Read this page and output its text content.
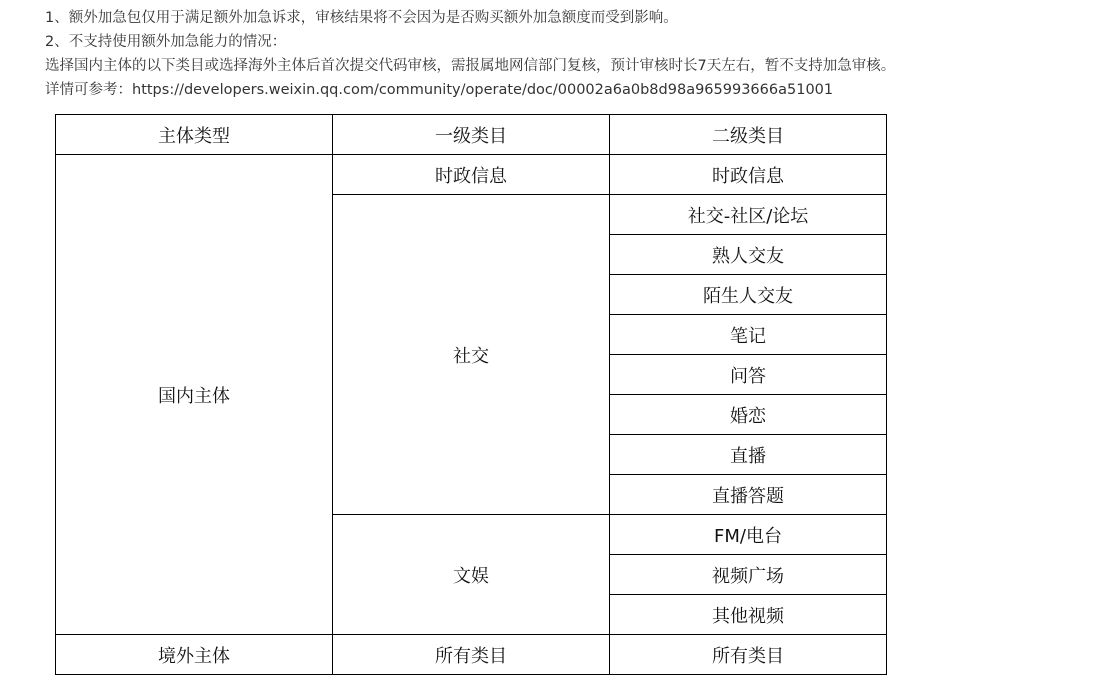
1、额外加急包仅用于满足额外加急诉求，审核结果将不会因为是否购买额外加急额度而受到影响。

2、不支持使用额外加急能力的情况：

选择国内主体的以下类目或选择海外主体后首次提交代码审核，需报属地网信部门复核，预计审核时长7天左右，暂不支持加急审核。

详情可参考：https://developers.weixin.qq.com/community/operate/doc/00002a6a0b8d98a965993666a51001

主体类型	一级类目	二级类目
国内主体	时政信息	时政信息
	社交	社交-社区/论坛
		熟人交友
		陌生人交友
		笔记
		问答
		婚恋
		直播
		直播答题
	文娱	FM/电台
		视频广场
		其他视频
境外主体	所有类目	所有类目
